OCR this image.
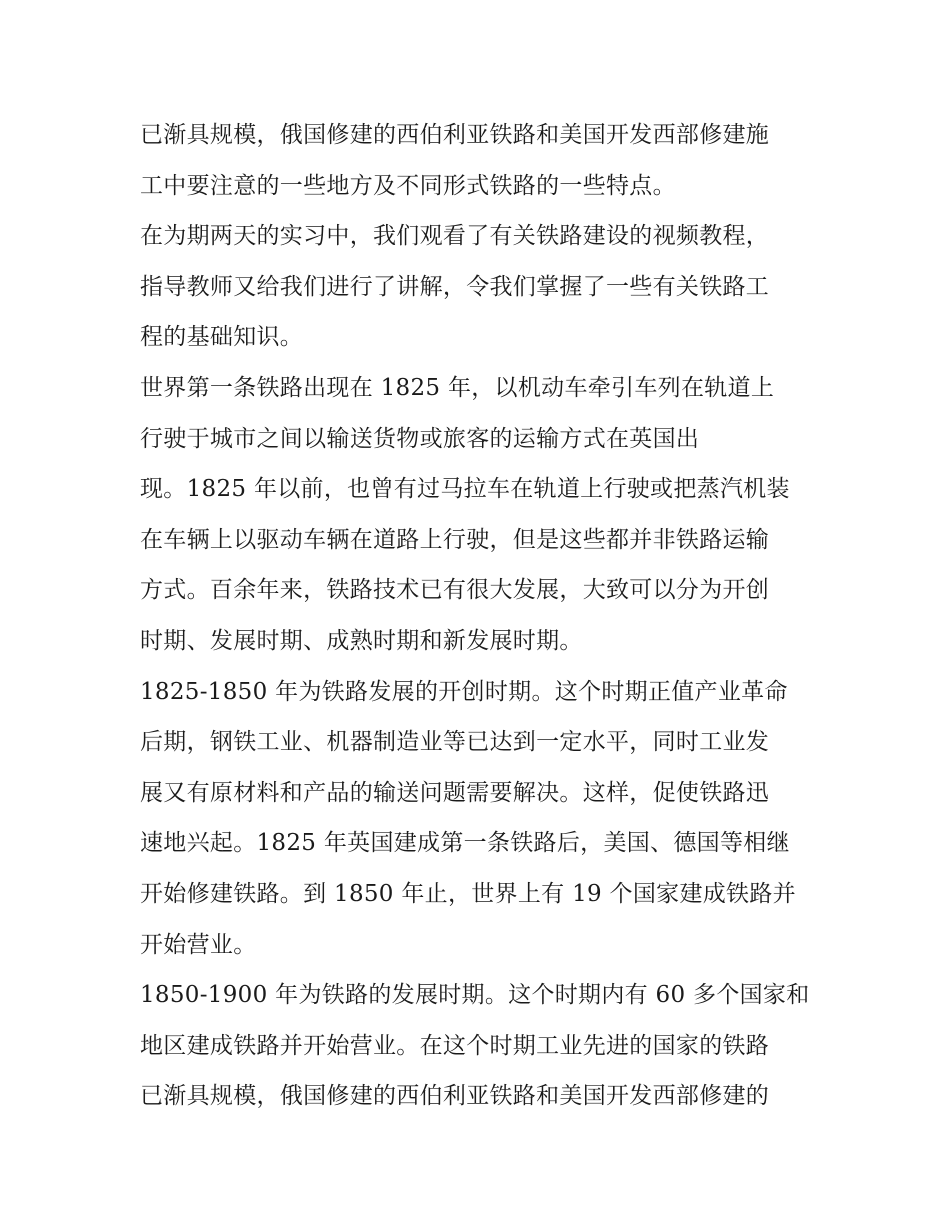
已渐具规模，俄国修建的西伯利亚铁路和美国开发西部修建施
工中要注意的一些地方及不同形式铁路的一些特点。
在为期两天的实习中，我们观看了有关铁路建设的视频教程，
指导教师又给我们进行了讲解，令我们掌握了一些有关铁路工
程的基础知识。
世界第一条铁路出现在 1825 年，以机动车牵引车列在轨道上
行驶于城市之间以输送货物或旅客的运输方式在英国出
现。1825 年以前，也曾有过马拉车在轨道上行驶或把蒸汽机装
在车辆上以驱动车辆在道路上行驶，但是这些都并非铁路运输
方式。百余年来，铁路技术已有很大发展，大致可以分为开创
时期、发展时期、成熟时期和新发展时期。
1825-1850 年为铁路发展的开创时期。这个时期正值产业革命
后期，钢铁工业、机器制造业等已达到一定水平，同时工业发
展又有原材料和产品的输送问题需要解决。这样，促使铁路迅
速地兴起。1825 年英国建成第一条铁路后，美国、德国等相继
开始修建铁路。到 1850 年止，世界上有 19 个国家建成铁路并
开始营业。
1850-1900 年为铁路的发展时期。这个时期内有 60 多个国家和
地区建成铁路并开始营业。在这个时期工业先进的国家的铁路
已渐具规模，俄国修建的西伯利亚铁路和美国开发西部修建的
